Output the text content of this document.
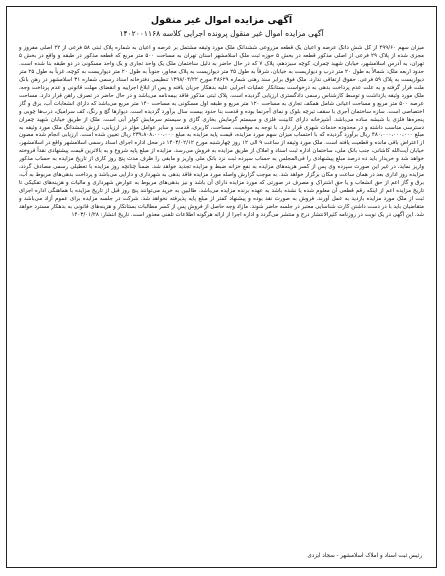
آگهی مزایده اموال غیر منقول
آگهی مزایده اموال غیر منقول پرونده اجرایی کلاسه ۱۴۰۲۰۰۱۱۶۸
میزان سهم ۴۹۹/۶۰ از کل شش دانگ عرصه و اعیان یک قطعه مزروعی ششدانگ ملک مورد وثیقه مشتمل بر عرصه و اعیان به شماره پلاک ثبتی ۵۸ فرعی از ۲۲ اصلی مفروز و مجزی شده از پلاک ۲۹ فرعی از اصلی مذکور قطعه در بخش ۵ حوزه ثبت ملک اسلامشهر استان تهران به مساحت ۵۰۰ متر مربع که قطعه مذکور در طبقه و واقع در بخش ۵ تهران، به آدرس اسلامشهر، خیابان شهید چمران، کوچه سیزدهم، پلاک ۷ که در حال حاضر به دلیل ساختمان ملک یک واحد تجاری و یک واحد مسکونی در دو طبقه بنا شده است. حدود اربعه ملک: شمالاً به طول ۲۰ متر درب و دیواریست به خیابان، شرقاً به طول ۲۵ متر دیواریست به پلاک مجاور، جنوباً به طول ۲۰ متر دیواریست به کوچه، غرباً به طول ۲۵ متر دیواریست به پلاک ۵۹ فرعی. حقوق ارتفاقی ندارد. ملک فوق برابر سند رهنی شماره ۴۸۶۲۹ مورخ ۱۳۹۸/۰۴/۲۲ تنظیمی دفترخانه اسناد رسمی شماره ۳۱ اسلامشهر در رهن بانک ملت قرار گرفته و به علت عدم پرداخت بدهی به درخواست بستانکار عملیات اجرایی علیه بدهکار جریان یافته و پس از ابلاغ اجراییه و انقضای مهلت قانونی و عدم پرداخت وجه، ملک مورد وثیقه بازداشت و توسط کارشناس رسمی دادگستری ارزیابی گردیده است. پلاک ثبتی مذکور فاقد بیمه‌نامه می‌باشد و در حال حاضر در تصرف راهن قرار دارد. مساحت عرصه ۵۰۰ متر مربع و مساحت اعیانی شامل همکف تجاری به مساحت ۱۲۰ متر مربع و طبقه اول مسکونی به مساحت ۱۴۰ متر مربع می‌باشد که دارای انشعابات آب، برق و گاز اختصاصی است. سازه ساختمان آجری با سقف تیرچه بلوک و نمای آجرنما بوده و قدمت بنا حدود بیست سال برآورد گردیده است. دیوارها گچ و رنگ، کف سرامیک، درب‌ها چوبی و پنجره‌ها فلزی با شیشه ساده می‌باشد. آشپزخانه دارای کابینت فلزی و سیستم گرمایش بخاری گازی و سیستم سرمایش کولر آبی است. ملک از طریق خیابان شهید چمران دسترسی مناسب داشته و در محدوده خدمات شهری قرار دارد. با توجه به موقعیت، مساحت، کاربری، قدمت و سایر عوامل مؤثر در ارزیابی، ارزش ششدانگ ملک مورد وثیقه به مبلغ ۴۸۰،۰۰۰،۰۰۰،۰۰۰ ریال برآورد گردیده که با احتساب میزان سهم مورد مزایده، قیمت پایه مزایده به مبلغ ۲۳۹،۸۰۸،۰۰۰،۰۰۰ ریال تعیین شده است. ارزیابی انجام شده مصون از اعتراض باقی مانده و قطعیت یافته است. ملک مورد وثیقه از ساعت ۹ الی ۱۲ روز چهارشنبه مورخ ۱۴۰۳/۰۲/۱۲ در محل اداره اجرای اسناد رسمی اسلامشهر واقع در اسلامشهر، خیابان آیت‌الله کاشانی، جنب بانک ملی، ساختمان اداره ثبت اسناد و املاک از طریق مزایده به فروش می‌رسد. مزایده از مبلغ پایه شروع و به بالاترین قیمت پیشنهادی نقداً فروخته خواهد شد و خریدار باید ده درصد مبلغ پیشنهادی را فی‌المجلس به حساب سپرده ثبت نزد بانک ملی واریز و مابقی را ظرف مدت پنج روز کاری از تاریخ مزایده به حساب مذکور واریز نماید، در غیر این صورت سپرده وی پس از کسر هزینه‌های مزایده به نفع خزانه ضبط و مزایده تجدید خواهد شد. ضمناً چنانچه روز مزایده با تعطیلی رسمی مصادف گردد، مزایده روز اداری بعد در همان ساعت و مکان برگزار خواهد شد. به موجب گزارش واصله مورد مزایده فاقد بدهی به شهرداری و دارایی می‌باشد و پرداخت بدهی‌های مربوط به آب، برق و گاز اعم از حق انشعاب و یا حق اشتراک و مصرف در صورتی که مورد مزایده دارای آن باشد و نیز بدهی‌های مربوط به عوارض شهرداری و مالیات و هزینه‌های تفکیکی تا تاریخ مزایده اعم از اینکه رقم قطعی آن معلوم شده یا نشده باشد به عهده برنده مزایده می‌باشد. طالبین به خرید می‌توانند پنج روز قبل از تاریخ مزایده با هماهنگی اداره اجرای ثبت از ملک مورد مزایده بازدید به عمل آورند. فروش به صورت نقد بوده و پیشنهاد کمتر از مبلغ پایه پذیرفته نخواهد شد. شرکت در جلسه مزایده برای عموم آزاد می‌باشد و متقاضیان باید با در دست داشتن کارت شناسایی معتبر در جلسه حاضر شوند. مازاد وجه حاصل از فروش پس از کسر مطالبات بستانکار و هزینه‌های قانونی به بدهکار مسترد خواهد شد. این آگهی در یک نوبت در روزنامه کثیرالانتشار درج و منتشر می‌گردد و اداره اجرا از ارائه هرگونه اطلاعات تلفنی معذور است. تاریخ انتشار: ۱۴۰۳/۰۱/۲۸
رئیس ثبت اسناد و املاک اسلامشهر - سجاد ایزدی
